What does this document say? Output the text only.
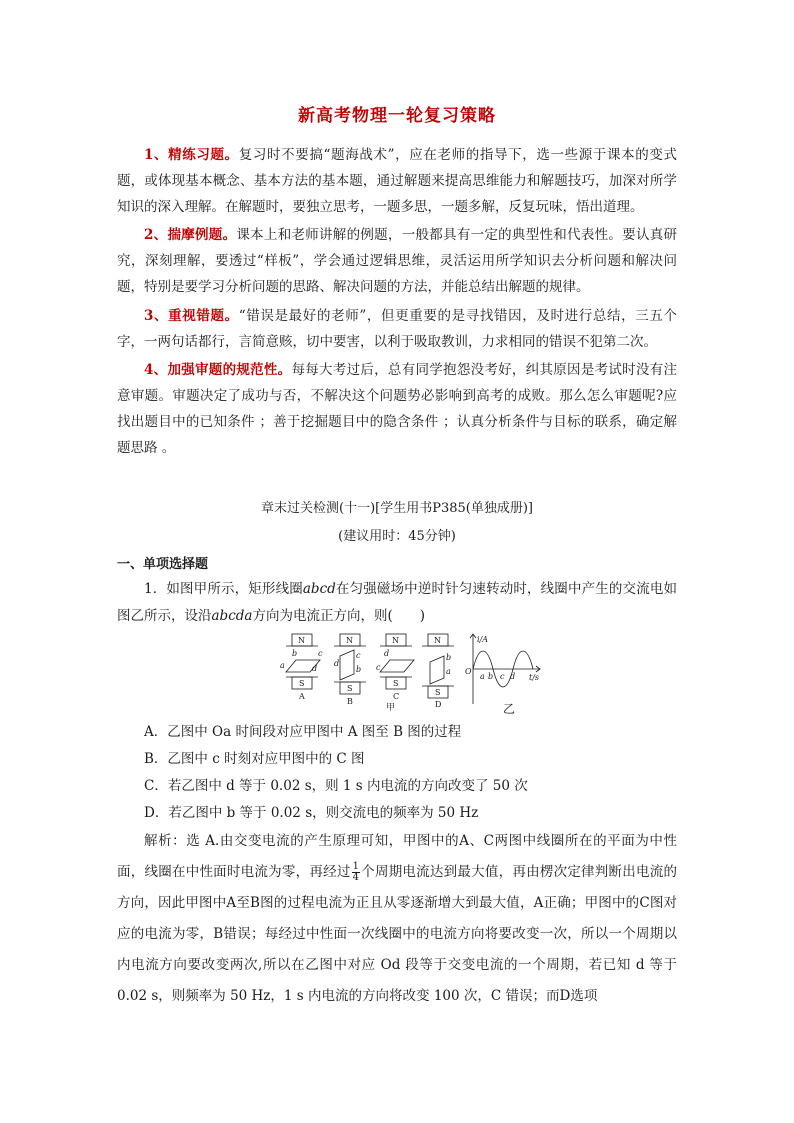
新高考物理一轮复习策略
1、精练习题。复习时不要搞“题海战术”，应在老师的指导下，选一些源于课本的变式题，或体现基本概念、基本方法的基本题，通过解题来提高思维能力和解题技巧，加深对所学知识的深入理解。在解题时，要独立思考，一题多思，一题多解，反复玩味，悟出道理。
2、揣摩例题。课本上和老师讲解的例题，一般都具有一定的典型性和代表性。要认真研究，深刻理解，要透过“样板”，学会通过逻辑思维，灵活运用所学知识去分析问题和解决问题，特别是要学习分析问题的思路、解决问题的方法，并能总结出解题的规律。
3、重视错题。“错误是最好的老师”，但更重要的是寻找错因，及时进行总结，三五个字，一两句话都行，言简意赅，切中要害，以利于吸取教训，力求相同的错误不犯第二次。
4、加强审题的规范性。每每大考过后，总有同学抱怨没考好，纠其原因是考试时没有注意审题。审题决定了成功与否，不解决这个问题势必影响到高考的成败。那么怎么审题呢?应找出题目中的已知条件 ；善于挖掘题目中的隐含条件 ；认真分析条件与目标的联系，确定解题思路 。
章末过关检测(十一)[学生用书P385(单独成册)]
(建议用时：45分钟)
一、单项选择题
1．如图甲所示，矩形线圈abcd在匀强磁场中逆时针匀速转动时，线圈中产生的交流电如图乙所示，设沿abcda方向为电流正方向，则(　　)
N
a
b	c
d
S
A
N
d
c
b
S
B
N
d
c
S
C
N
b
a
S
D
甲
i/A
t/s
O
a b c d
乙
A．乙图中 Oa 时间段对应甲图中 A 图至 B 图的过程
B．乙图中 c 时刻对应甲图中的 C 图
C．若乙图中 d 等于 0.02 s，则 1 s 内电流的方向改变了 50 次
D．若乙图中 b 等于 0.02 s，则交流电的频率为 50 Hz
解析：选 A.由交变电流的产生原理可知，甲图中的A、C两图中线圈所在的平面为中性面，线圈在中性面时电流为零，再经过 $\frac{1}{4}$ 个周期电流达到最大值，再由楞次定律判断出电流的方向，因此甲图中A至B图的过程电流为正且从零逐渐增大到最大值，A正确；甲图中的C图对应的电流为零，B错误；每经过中性面一次线圈中的电流方向将要改变一次，所以一个周期以内电流方向要改变两次,所以在乙图中对应 Od 段等于交变电流的一个周期，若已知 d 等于 0.02 s，则频率为 50 Hz，1 s 内电流的方向将改变 100 次，C 错误；而D选项
